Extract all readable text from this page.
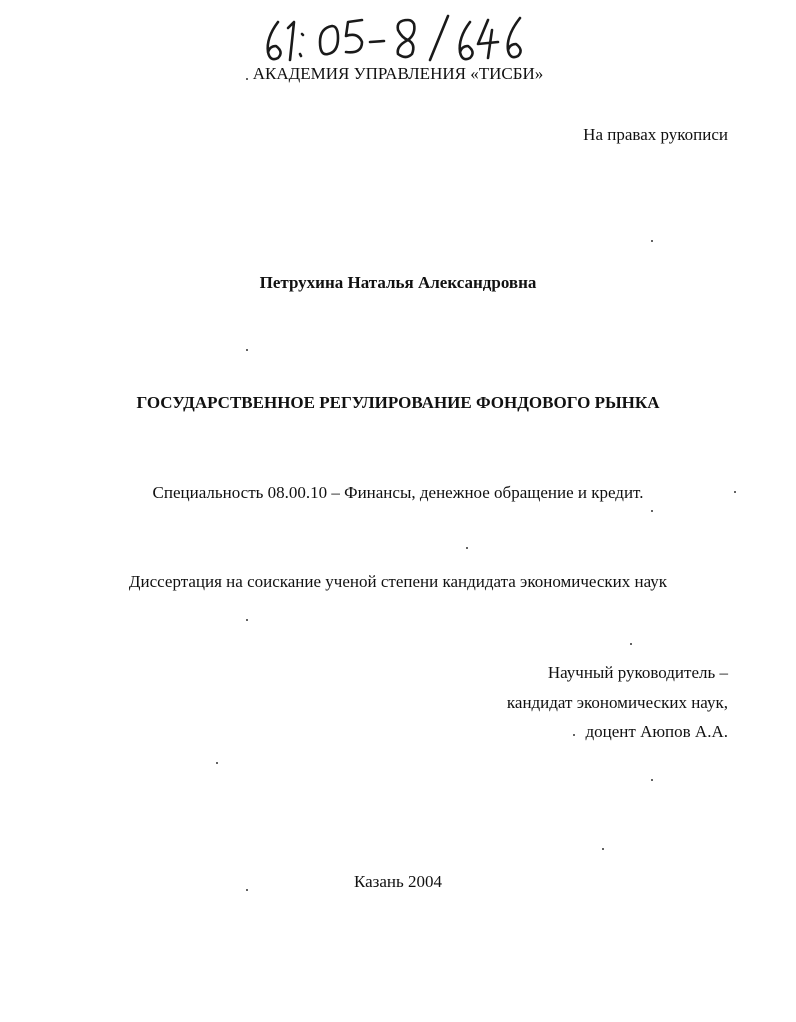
АКАДЕМИЯ УПРАВЛЕНИЯ «ТИСБИ»
На правах рукописи
Петрухина Наталья Александровна
ГОСУДАРСТВЕННОЕ РЕГУЛИРОВАНИЕ ФОНДОВОГО РЫНКА
Специальность 08.00.10 – Финансы, денежное обращение и кредит.
Диссертация на соискание ученой степени кандидата экономических наук
Научный руководитель –
кандидат экономических наук,
доцент Аюпов А.А.
Казань 2004
